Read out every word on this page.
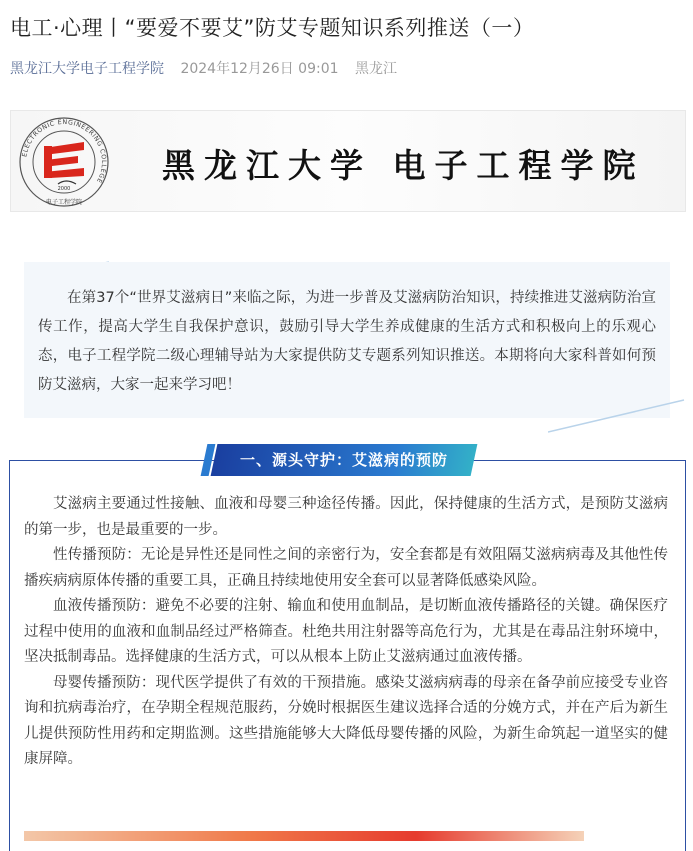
电工·心理丨“要爱不要艾”防艾专题知识系列推送（一）
黑龙江大学电子工程学院 2024年12月26日 09:01 黑龙江
ELECTRONIC ENGINEERING COLLEGE
2000
电子工程学院
黑龙江大学 电子工程学院

在第37个“世界艾滋病日”来临之际，为进一步普及艾滋病防治知识，持续推进艾滋病防治宣传工作，提高大学生自我保护意识，鼓励引导大学生养成健康的生活方式和积极向上的乐观心态，电子工程学院二级心理辅导站为大家提供防艾专题系列知识推送。本期将向大家科普如何预防艾滋病，大家一起来学习吧！

一、源头守护：艾滋病的预防

艾滋病主要通过性接触、血液和母婴三种途径传播。因此，保持健康的生活方式，是预防艾滋病的第一步，也是最重要的一步。

性传播预防：无论是异性还是同性之间的亲密行为，安全套都是有效阻隔艾滋病病毒及其他性传播疾病病原体传播的重要工具，正确且持续地使用安全套可以显著降低感染风险。

血液传播预防：避免不必要的注射、输血和使用血制品，是切断血液传播路径的关键。确保医疗过程中使用的血液和血制品经过严格筛查。杜绝共用注射器等高危行为，尤其是在毒品注射环境中，坚决抵制毒品。选择健康的生活方式，可以从根本上防止艾滋病通过血液传播。

母婴传播预防：现代医学提供了有效的干预措施。感染艾滋病病毒的母亲在备孕前应接受专业咨询和抗病毒治疗，在孕期全程规范服药，分娩时根据医生建议选择合适的分娩方式，并在产后为新生儿提供预防性用药和定期监测。这些措施能够大大降低母婴传播的风险，为新生命筑起一道坚实的健康屏障。
